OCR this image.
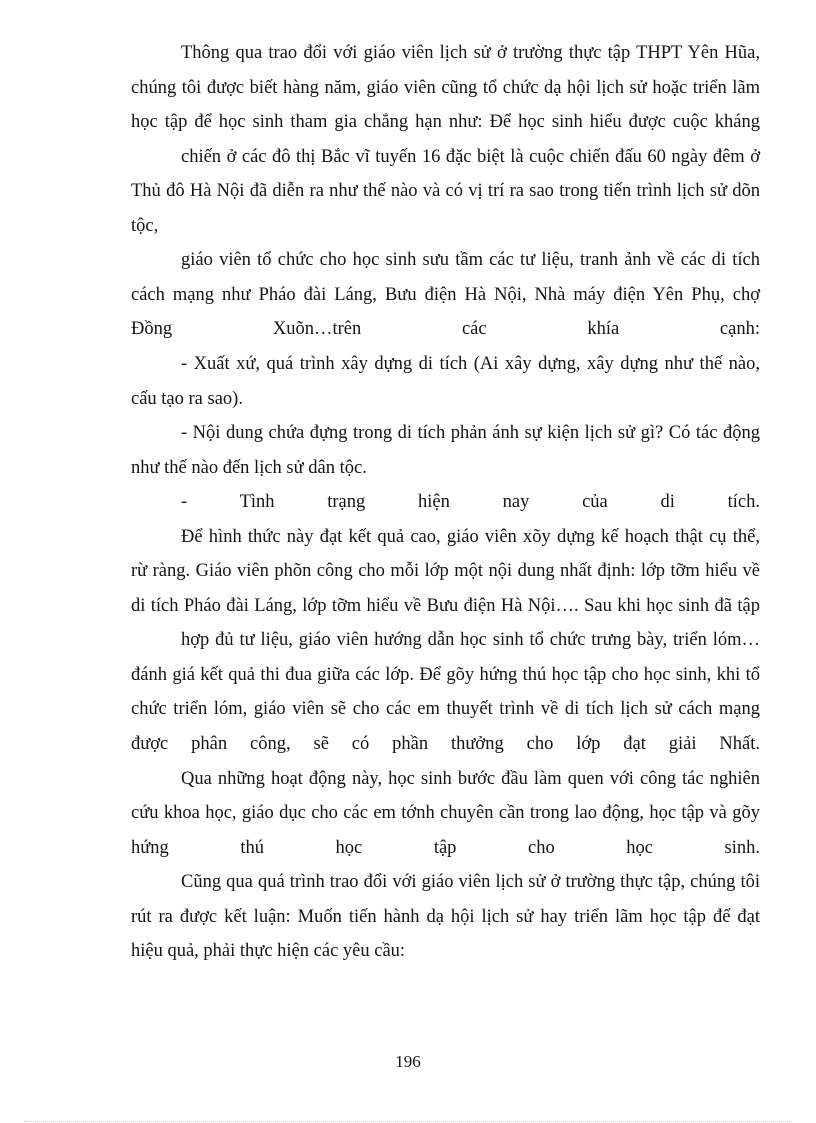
Thông qua trao đổi với giáo viên lịch sử ở trường thực tập THPT Yên Hũa,
chúng tôi được biết hàng năm, giáo viên cũng tổ chức dạ hội lịch sử hoặc triển lãm
học tập để học sinh tham gia chẳng hạn như: Để học sinh hiểu được cuộc kháng
chiến ở các đô thị Bắc vĩ tuyến 16 đặc biệt là cuộc chiến đấu 60 ngày đêm ở
Thủ đô Hà Nội đã diễn ra như thế nào và có vị trí ra sao trong tiến trình lịch sử dõn
tộc,
giáo viên tổ chức cho học sinh sưu tầm các tư liệu, tranh ảnh về các di tích
cách mạng như Pháo đài Láng, Bưu điện Hà Nội, Nhà máy điện Yên Phụ, chợ
Đồng Xuõn…trên các khía cạnh:
- Xuất xứ, quá trình xây dựng di tích (Ai xây dựng, xây dựng như thế nào,
cấu tạo ra sao).
- Nội dung chứa đựng trong di tích phản ánh sự kiện lịch sử gì? Có tác động
như thế nào đến lịch sử dân tộc.
- Tình trạng hiện nay của di tích.
Để hình thức này đạt kết quả cao, giáo viên xõy dựng kế hoạch thật cụ thể,
rừ ràng. Giáo viên phõn công cho mỗi lớp một nội dung nhất định: lớp tỡm hiểu về
di tích Pháo đài Láng, lớp tỡm hiểu về Bưu điện Hà Nội…. Sau khi học sinh đã tập
hợp đủ tư liệu, giáo viên hướng dẫn học sinh tổ chức trưng bày, triển lóm…
đánh giá kết quả thi đua giữa các lớp. Để gõy hứng thú học tập cho học sinh, khi tổ
chức triển lóm, giáo viên sẽ cho các em thuyết trình về di tích lịch sử cách mạng
được phân công, sẽ có phần thưởng cho lớp đạt giải Nhất.
Qua những hoạt động này, học sinh bước đầu làm quen với công tác nghiên
cứu khoa học, giáo dục cho các em tớnh chuyên cần trong lao động, học tập và gõy
hứng thú học tập cho học sinh.
Cũng qua quá trình trao đổi với giáo viên lịch sử ở trường thực tập, chúng tôi
rút ra được kết luận: Muốn tiến hành dạ hội lịch sử hay triển lãm học tập để đạt
hiệu quả, phải thực hiện các yêu cầu:
196
